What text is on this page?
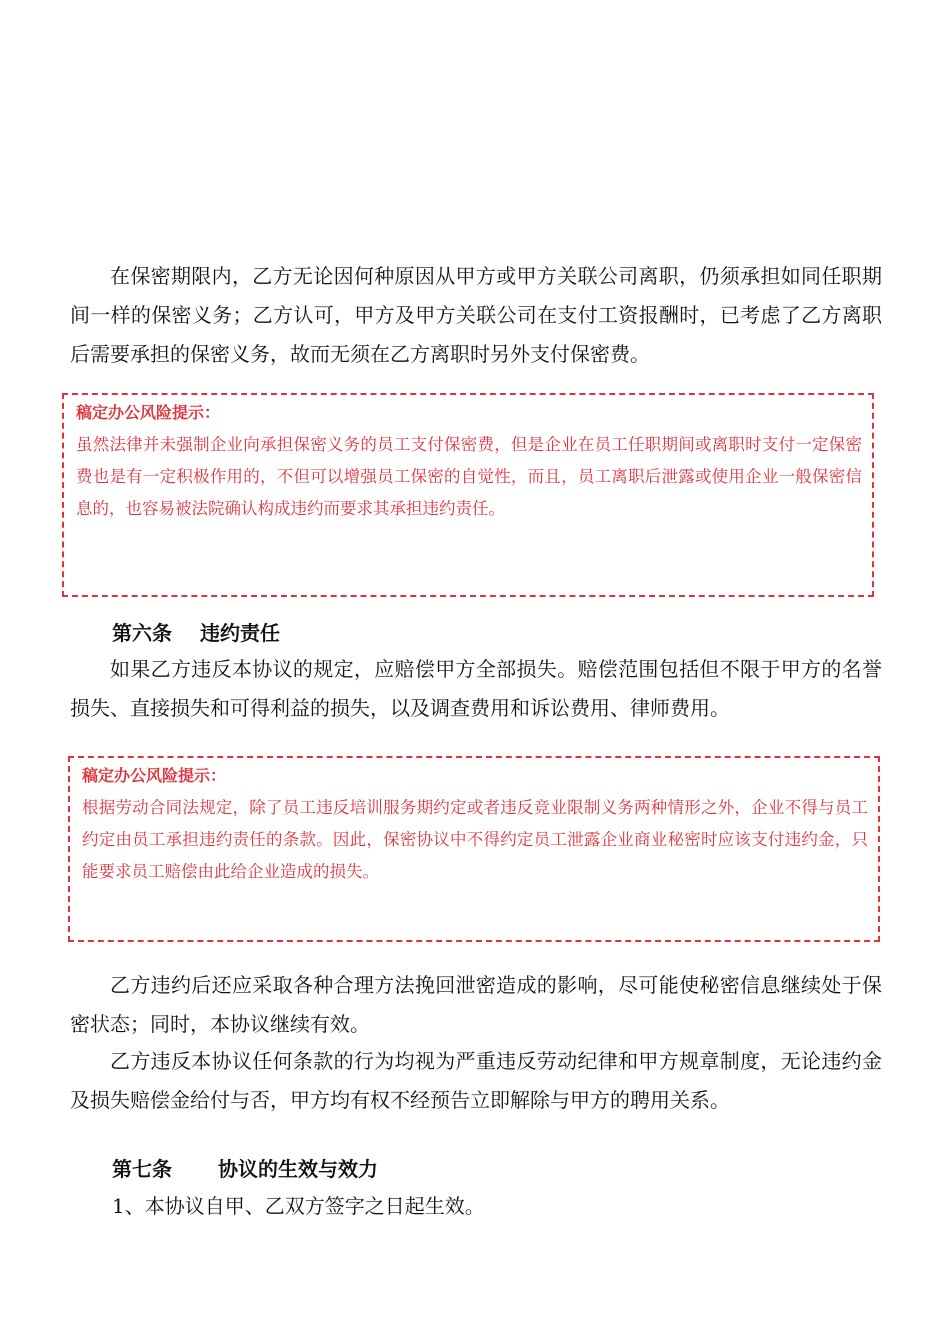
在保密期限内，乙方无论因何种原因从甲方或甲方关联公司离职，仍须承担如同任职期间一样的保密义务；乙方认可，甲方及甲方关联公司在支付工资报酬时，已考虑了乙方离职后需要承担的保密义务，故而无须在乙方离职时另外支付保密费。

稿定办公风险提示：

虽然法律并未强制企业向承担保密义务的员工支付保密费，但是企业在员工任职期间或离职时支付一定保密费也是有一定积极作用的，不但可以增强员工保密的自觉性，而且，员工离职后泄露或使用企业一般保密信息的，也容易被法院确认构成违约而要求其承担违约责任。

第六条 违约责任

如果乙方违反本协议的规定，应赔偿甲方全部损失。赔偿范围包括但不限于甲方的名誉损失、直接损失和可得利益的损失，以及调查费用和诉讼费用、律师费用。

稿定办公风险提示：

根据劳动合同法规定，除了员工违反培训服务期约定或者违反竞业限制义务两种情形之外，企业不得与员工约定由员工承担违约责任的条款。因此，保密协议中不得约定员工泄露企业商业秘密时应该支付违约金，只能要求员工赔偿由此给企业造成的损失。

乙方违约后还应采取各种合理方法挽回泄密造成的影响，尽可能使秘密信息继续处于保密状态；同时，本协议继续有效。

乙方违反本协议任何条款的行为均视为严重违反劳动纪律和甲方规章制度，无论违约金及损失赔偿金给付与否，甲方均有权不经预告立即解除与甲方的聘用关系。

第七条 协议的生效与效力

1、本协议自甲、乙双方签字之日起生效。
